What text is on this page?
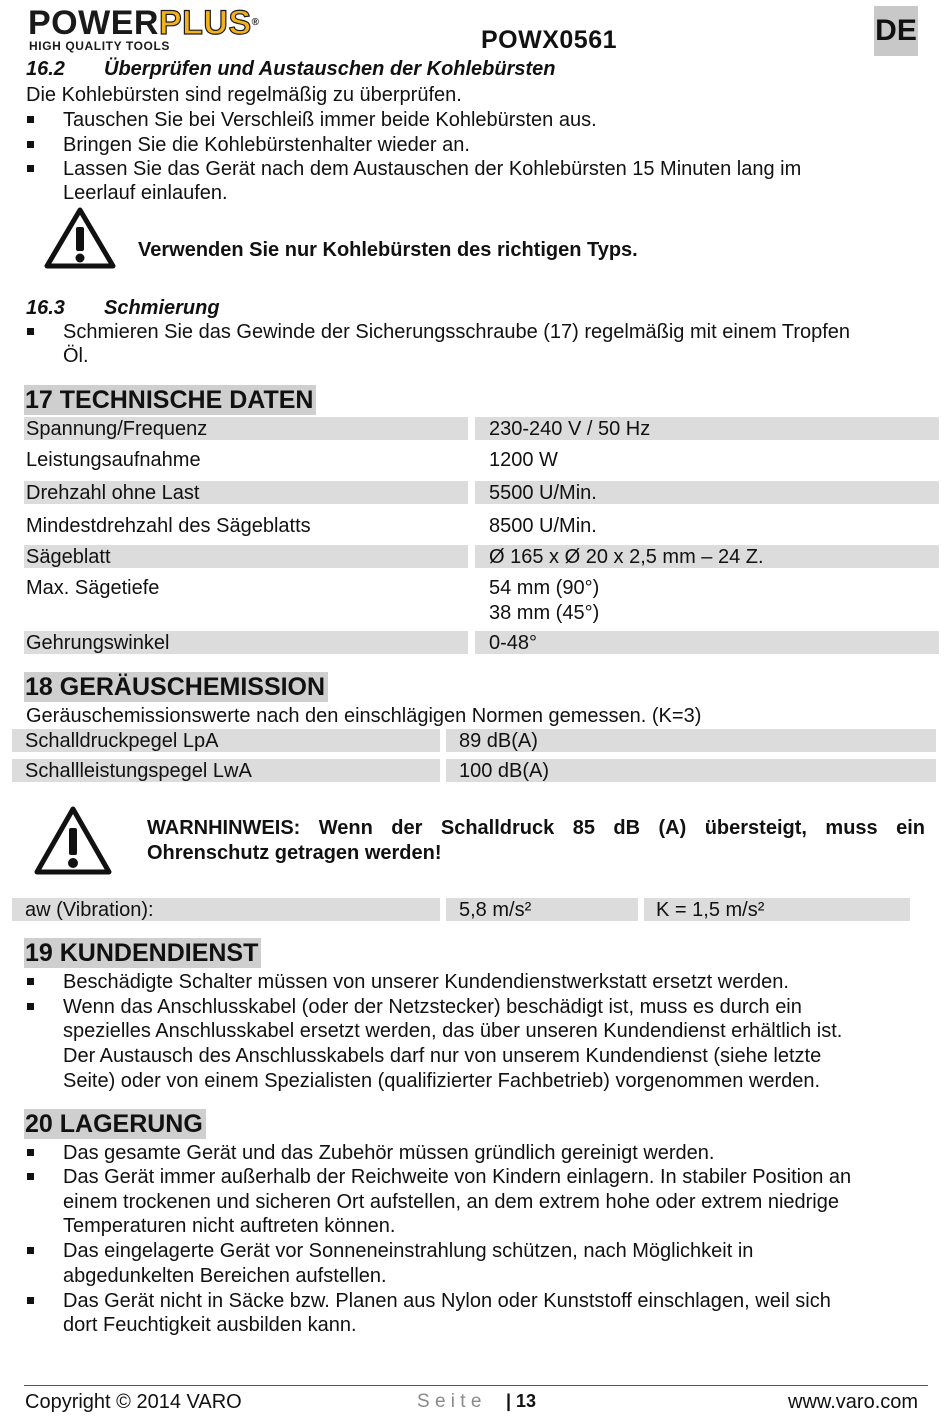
POWERPLUS®
HIGH QUALITY TOOLS	POWX0561	DE
16.2 Überprüfen und Austauschen der Kohlebürsten
Die Kohlebürsten sind regelmäßig zu überprüfen.
Tauschen Sie bei Verschleiß immer beide Kohlebürsten aus.
Bringen Sie die Kohlebürstenhalter wieder an.
Lassen Sie das Gerät nach dem Austauschen der Kohlebürsten 15 Minuten lang im
Leerlauf einlaufen.
Verwenden Sie nur Kohlebürsten des richtigen Typs.
16.3 Schmierung
Schmieren Sie das Gewinde der Sicherungsschraube (17) regelmäßig mit einem Tropfen
Öl.
17 TECHNISCHE DATEN
Spannung/Frequenz	230-240 V / 50 Hz
Leistungsaufnahme	1200 W
Drehzahl ohne Last	5500 U/Min.
Mindestdrehzahl des Sägeblatts	8500 U/Min.
Sägeblatt	Ø 165 x Ø 20 x 2,5 mm – 24 Z.
Max. Sägetiefe	54 mm (90°)
38 mm (45°)
Gehrungswinkel	0-48°
18 GERÄUSCHEMISSION
Geräuschemissionswerte nach den einschlägigen Normen gemessen. (K=3)
Schalldruckpegel LpA	89 dB(A)
Schallleistungspegel LwA	100 dB(A)
WARNHINWEIS: Wenn der Schalldruck 85 dB (A) übersteigt, muss ein
Ohrenschutz getragen werden!
aw (Vibration):	5,8 m/s²	K = 1,5 m/s²
19 KUNDENDIENST
Beschädigte Schalter müssen von unserer Kundendienstwerkstatt ersetzt werden.
Wenn das Anschlusskabel (oder der Netzstecker) beschädigt ist, muss es durch ein
spezielles Anschlusskabel ersetzt werden, das über unseren Kundendienst erhältlich ist.
Der Austausch des Anschlusskabels darf nur von unserem Kundendienst (siehe letzte
Seite) oder von einem Spezialisten (qualifizierter Fachbetrieb) vorgenommen werden.
20 LAGERUNG
Das gesamte Gerät und das Zubehör müssen gründlich gereinigt werden.
Das Gerät immer außerhalb der Reichweite von Kindern einlagern. In stabiler Position an
einem trockenen und sicheren Ort aufstellen, an dem extrem hohe oder extrem niedrige
Temperaturen nicht auftreten können.
Das eingelagerte Gerät vor Sonneneinstrahlung schützen, nach Möglichkeit in
abgedunkelten Bereichen aufstellen.
Das Gerät nicht in Säcke bzw. Planen aus Nylon oder Kunststoff einschlagen, weil sich
dort Feuchtigkeit ausbilden kann.
Copyright © 2014 VARO	S e i t e | 13	www.varo.com
